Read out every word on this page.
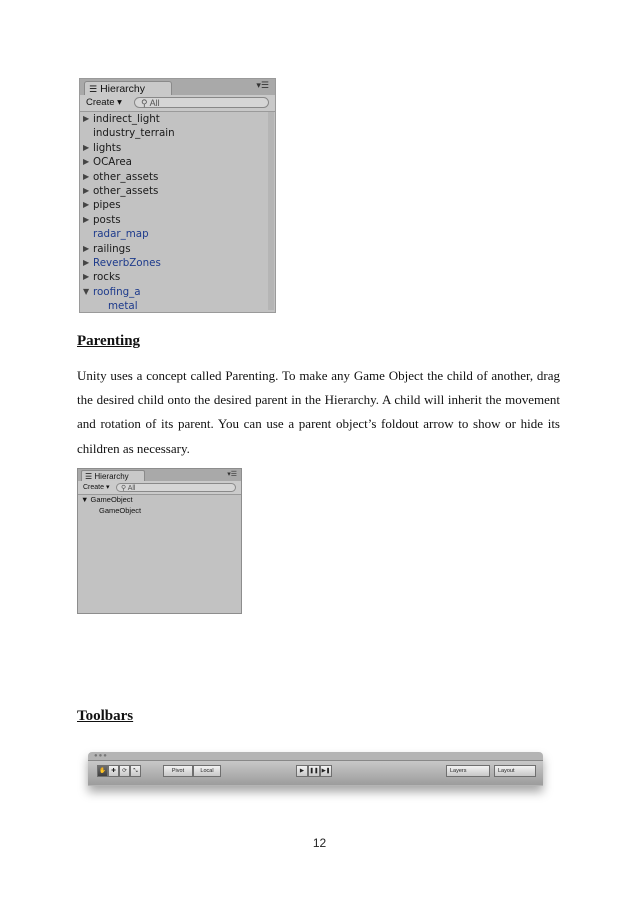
☰ Hierarchy	▾☰
Create ▾	⚲ All
▶ indirect_light
industry_terrain
▶ lights
▶ OCArea
▶ other_assets
▶ other_assets
▶ pipes
▶ posts
radar_map
▶ railings
▶ ReverbZones
▶ rocks
▼ roofing_a
metal
Parenting
Unity uses a concept called Parenting. To make any Game Object the child of another, drag
the desired child onto the desired parent in the Hierarchy. A child will inherit the movement
and rotation of its parent. You can use a parent object’s foldout arrow to show or hide its
children as necessary.
☰ Hierarchy	▾☰
Create ▾	⚲ All
▼ GameObject
GameObject
Toolbars
●●●
✋ ✚	⟳	⤡	Pivot	Local	▶ ❚❚ ▶❚	Layers	Layout
12
